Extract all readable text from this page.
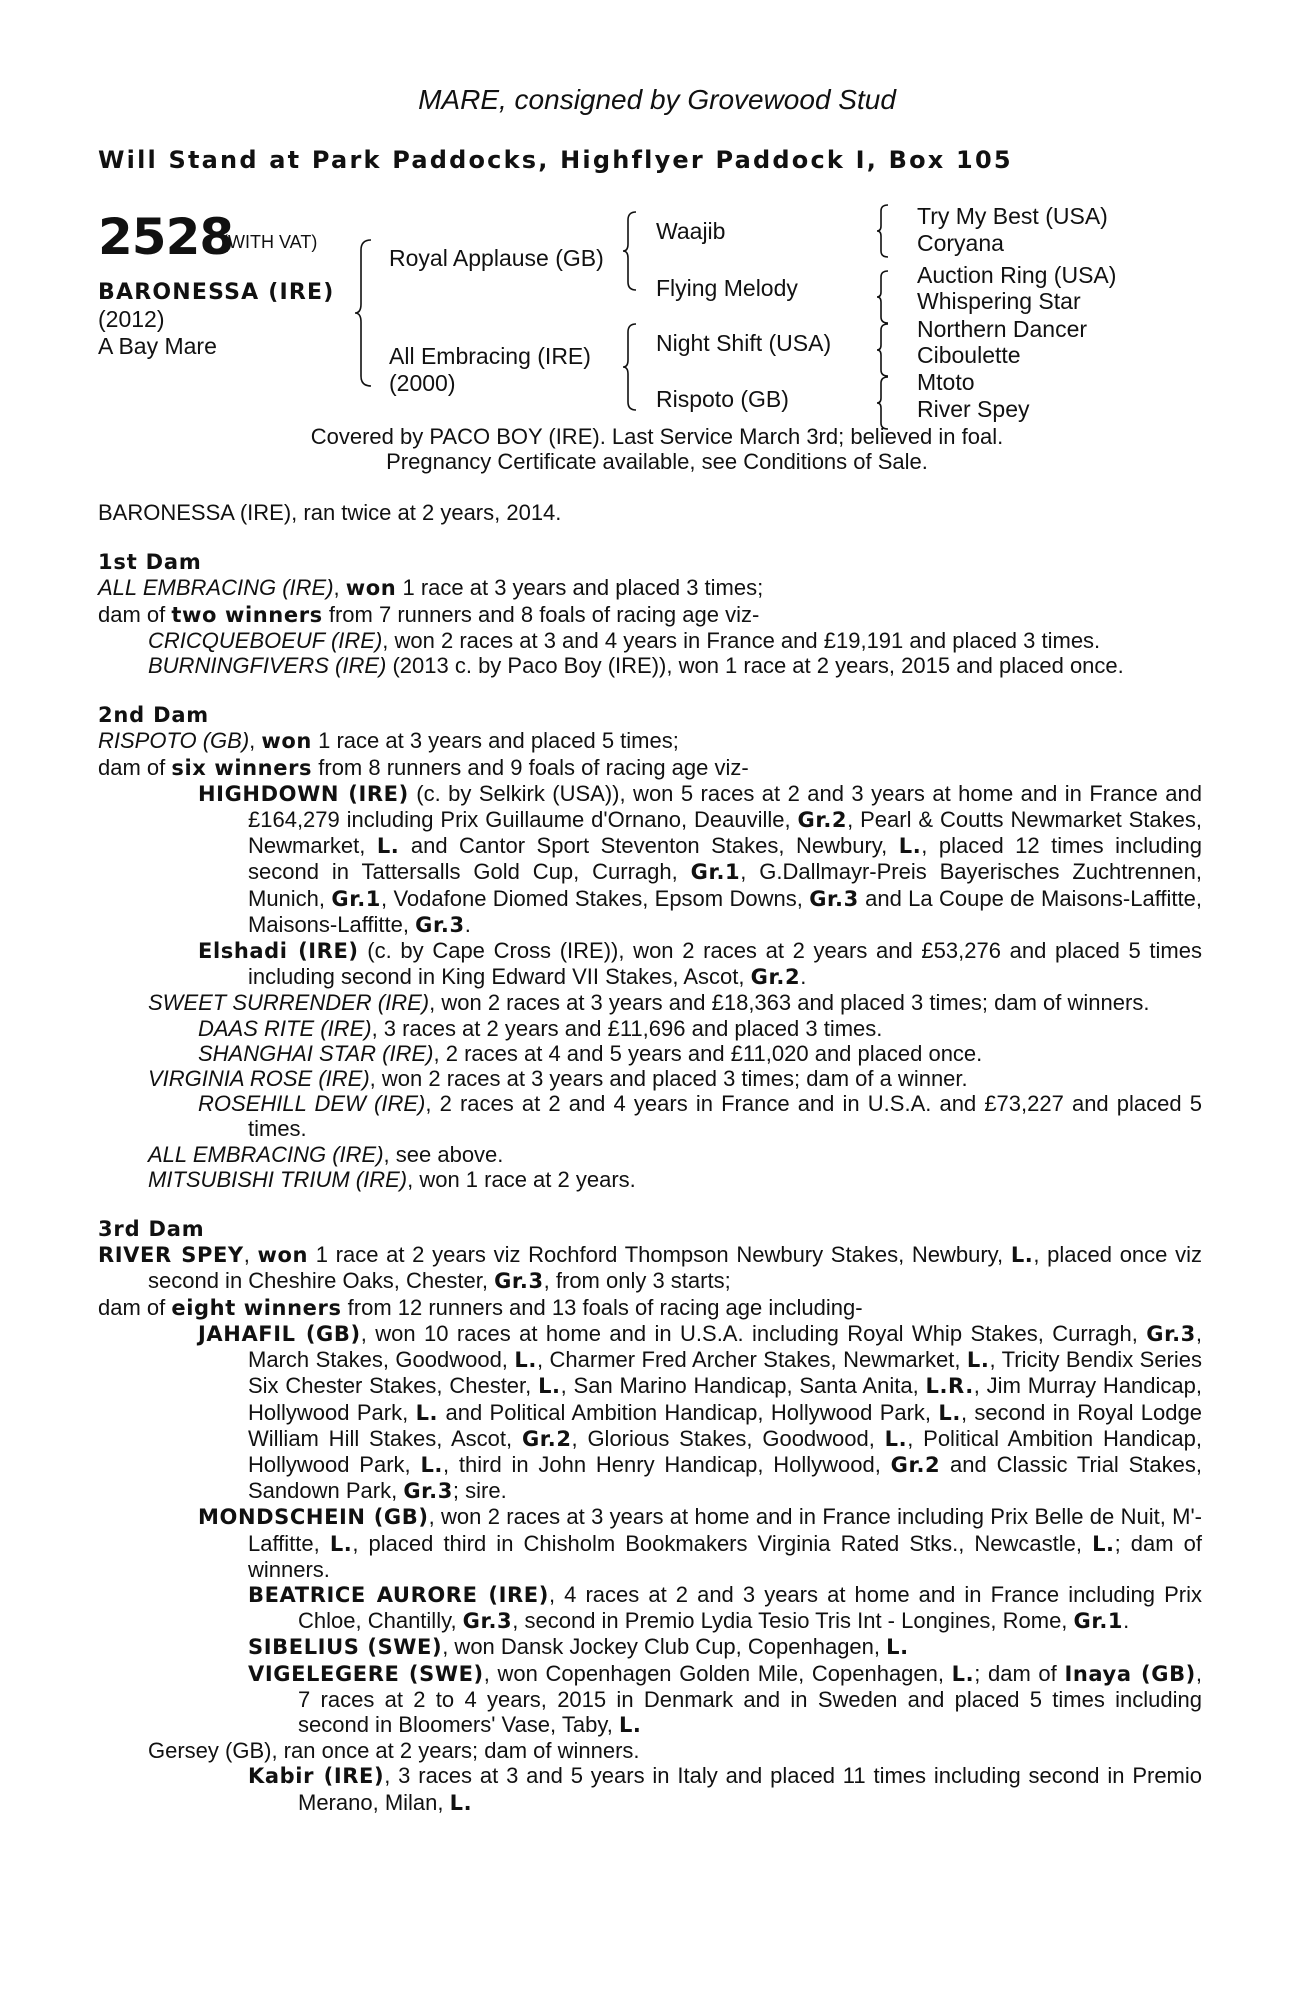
MARE, consigned by Grovewood Stud
Will Stand at Park Paddocks, Highflyer Paddock I, Box 105
2528
(WITH VAT)
BARONESSA (IRE)
(2012)
A Bay Mare
Royal Applause (GB)
All Embracing (IRE)
(2000)
Waajib
Flying Melody
Night Shift (USA)
Rispoto (GB)
Try My Best (USA)
Coryana
Auction Ring (USA)
Whispering Star
Northern Dancer
Ciboulette
Mtoto
River Spey
Covered by PACO BOY (IRE). Last Service March 3rd; believed in foal.
Pregnancy Certificate available, see Conditions of Sale.

BARONESSA (IRE), ran twice at 2 years, 2014.

1st Dam

ALL EMBRACING (IRE), won 1 race at 3 years and placed 3 times;

dam of two winners from 7 runners and 8 foals of racing age viz-

CRICQUEBOEUF (IRE), won 2 races at 3 and 4 years in France and £19,191 and placed 3 times.

BURNINGFIVERS (IRE) (2013 c. by Paco Boy (IRE)), won 1 race at 2 years, 2015 and placed once.

2nd Dam

RISPOTO (GB), won 1 race at 3 years and placed 5 times;

dam of six winners from 8 runners and 9 foals of racing age viz-

HIGHDOWN (IRE) (c. by Selkirk (USA)), won 5 races at 2 and 3 years at home and in France and £164,279 including Prix Guillaume d'Ornano, Deauville, Gr.2, Pearl & Coutts Newmarket Stakes, Newmarket, L. and Cantor Sport Steventon Stakes, Newbury, L., placed 12 times including second in Tattersalls Gold Cup, Curragh, Gr.1, G.Dallmayr-Preis Bayerisches Zuchtrennen, Munich, Gr.1, Vodafone Diomed Stakes, Epsom Downs, Gr.3 and La Coupe de Maisons-Laffitte, Maisons-Laffitte, Gr.3.

Elshadi (IRE) (c. by Cape Cross (IRE)), won 2 races at 2 years and £53,276 and placed 5 times including second in King Edward VII Stakes, Ascot, Gr.2.

SWEET SURRENDER (IRE), won 2 races at 3 years and £18,363 and placed 3 times; dam of winners.

DAAS RITE (IRE), 3 races at 2 years and £11,696 and placed 3 times.

SHANGHAI STAR (IRE), 2 races at 4 and 5 years and £11,020 and placed once.

VIRGINIA ROSE (IRE), won 2 races at 3 years and placed 3 times; dam of a winner.

ROSEHILL DEW (IRE), 2 races at 2 and 4 years in France and in U.S.A. and £73,227 and placed 5 times.

ALL EMBRACING (IRE), see above.

MITSUBISHI TRIUM (IRE), won 1 race at 2 years.

3rd Dam

RIVER SPEY, won 1 race at 2 years viz Rochford Thompson Newbury Stakes, Newbury, L., placed once viz second in Cheshire Oaks, Chester, Gr.3, from only 3 starts;

dam of eight winners from 12 runners and 13 foals of racing age including-

JAHAFIL (GB), won 10 races at home and in U.S.A. including Royal Whip Stakes, Curragh, Gr.3, March Stakes, Goodwood, L., Charmer Fred Archer Stakes, Newmarket, L., Tricity Bendix Series Six Chester Stakes, Chester, L., San Marino Handicap, Santa Anita, L.R., Jim Murray Handicap, Hollywood Park, L. and Political Ambition Handicap, Hollywood Park, L., second in Royal Lodge William Hill Stakes, Ascot, Gr.2, Glorious Stakes, Goodwood, L., Political Ambition Handicap, Hollywood Park, L., third in John Henry Handicap, Hollywood, Gr.2 and Classic Trial Stakes, Sandown Park, Gr.3; sire.

MONDSCHEIN (GB), won 2 races at 3 years at home and in France including Prix Belle de Nuit, M'-Laffitte, L., placed third in Chisholm Bookmakers Virginia Rated Stks., Newcastle, L.; dam of winners.

BEATRICE AURORE (IRE), 4 races at 2 and 3 years at home and in France including Prix Chloe, Chantilly, Gr.3, second in Premio Lydia Tesio Tris Int - Longines, Rome, Gr.1.

SIBELIUS (SWE), won Dansk Jockey Club Cup, Copenhagen, L.

VIGELEGERE (SWE), won Copenhagen Golden Mile, Copenhagen, L.; dam of Inaya (GB), 7 races at 2 to 4 years, 2015 in Denmark and in Sweden and placed 5 times including second in Bloomers' Vase, Taby, L.

Gersey (GB), ran once at 2 years; dam of winners.

Kabir (IRE), 3 races at 3 and 5 years in Italy and placed 11 times including second in Premio Merano, Milan, L.
